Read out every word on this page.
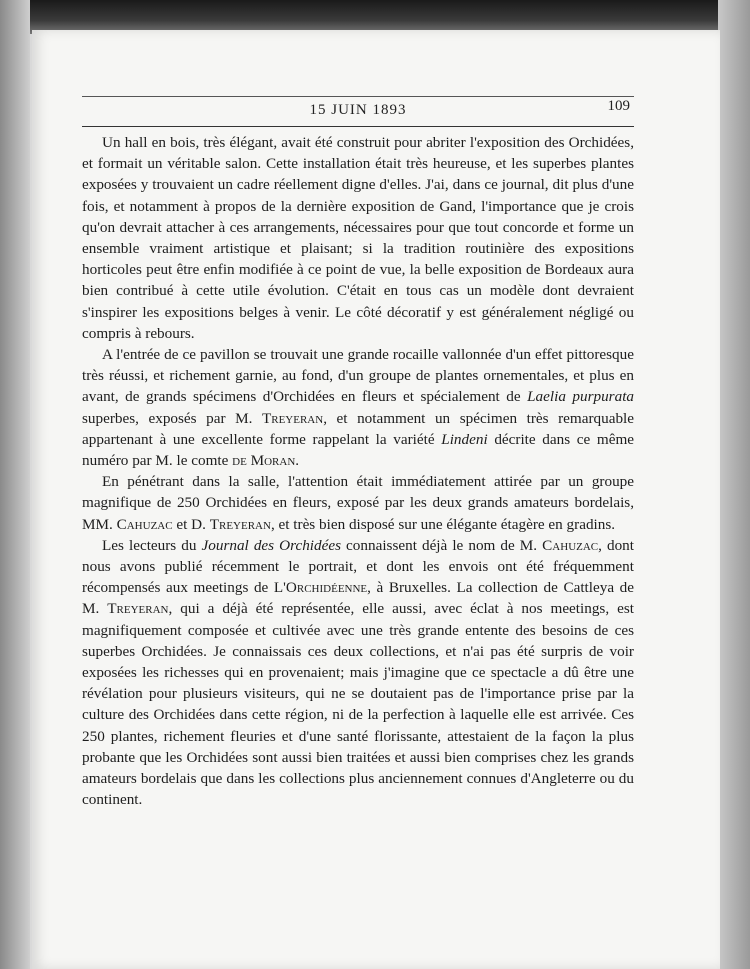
15 JUIN 1893	109

Un hall en bois, très élégant, avait été construit pour abriter l'exposition des Orchidées, et formait un véritable salon. Cette installation était très heureuse, et les superbes plantes exposées y trouvaient un cadre réellement digne d'elles. J'ai, dans ce journal, dit plus d'une fois, et notamment à propos de la dernière exposition de Gand, l'importance que je crois qu'on devrait attacher à ces arrangements, nécessaires pour que tout concorde et forme un ensemble vraiment artistique et plaisant; si la tradition routinière des expositions horticoles peut être enfin modifiée à ce point de vue, la belle exposition de Bordeaux aura bien contribué à cette utile évolution. C'était en tous cas un modèle dont devraient s'inspirer les expositions belges à venir. Le côté décoratif y est généralement négligé ou compris à rebours.

A l'entrée de ce pavillon se trouvait une grande rocaille vallonnée d'un effet pittoresque très réussi, et richement garnie, au fond, d'un groupe de plantes ornementales, et plus en avant, de grands spécimens d'Orchidées en fleurs et spécialement de Laelia purpurata superbes, exposés par M. Treyeran, et notamment un spécimen très remarquable appartenant à une excellente forme rappelant la variété Lindeni décrite dans ce même numéro par M. le comte de Moran.

En pénétrant dans la salle, l'attention était immédiatement attirée par un groupe magnifique de 250 Orchidées en fleurs, exposé par les deux grands amateurs bordelais, MM. Cahuzac et D. Treyeran, et très bien disposé sur une élégante étagère en gradins.

Les lecteurs du Journal des Orchidées connaissent déjà le nom de M. Cahuzac, dont nous avons publié récemment le portrait, et dont les envois ont été fréquemment récompensés aux meetings de L'Orchidéenne, à Bruxelles. La collection de Cattleya de M. Treyeran, qui a déjà été représentée, elle aussi, avec éclat à nos meetings, est magnifiquement composée et cultivée avec une très grande entente des besoins de ces superbes Orchidées. Je connaissais ces deux collections, et n'ai pas été surpris de voir exposées les richesses qui en provenaient; mais j'imagine que ce spectacle a dû être une révélation pour plusieurs visiteurs, qui ne se doutaient pas de l'importance prise par la culture des Orchidées dans cette région, ni de la perfection à laquelle elle est arrivée. Ces 250 plantes, richement fleuries et d'une santé florissante, attestaient de la façon la plus probante que les Orchidées sont aussi bien traitées et aussi bien comprises chez les grands amateurs bordelais que dans les collections plus anciennement connues d'Angleterre ou du continent.
